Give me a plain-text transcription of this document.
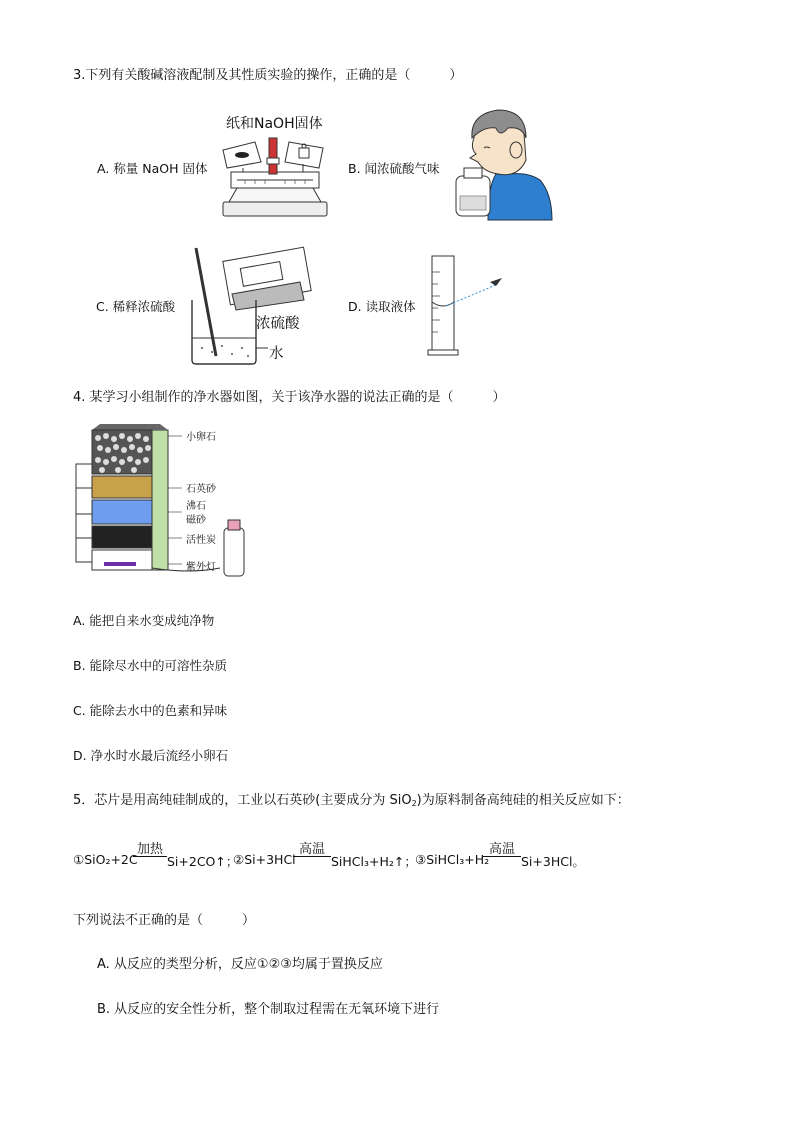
3.下列有关酸碱溶液配制及其性质实验的操作，正确的是（　　　）
纸和NaOH固体
A. 称量 NaOH 固体	B. 闻浓硫酸气味
C. 稀释浓硫酸
浓硫酸
水
D. 读取液体
4. 某学习小组制作的净水器如图，关于该净水器的说法正确的是（　　　）
小卵石
石英砂
沸石
磁砂
活性炭
紫外灯
A. 能把自来水变成纯净物
B. 能除尽水中的可溶性杂质
C. 能除去水中的色素和异味
D. 净水时水最后流经小卵石
5．芯片是用高纯硅制成的，工业以石英砂(主要成分为 SiO$_2$)为原料制备高纯硅的相关反应如下：
①SiO₂+2C
加热
Si+2CO↑；
②Si+3HCl
高温
SiHCl₃+H₂↑；
③SiHCl₃+H₂
高温
Si+3HCl。
下列说法不正确的是（　　　）
A. 从反应的类型分析，反应①②③均属于置换反应
B. 从反应的安全性分析，整个制取过程需在无氧环境下进行
